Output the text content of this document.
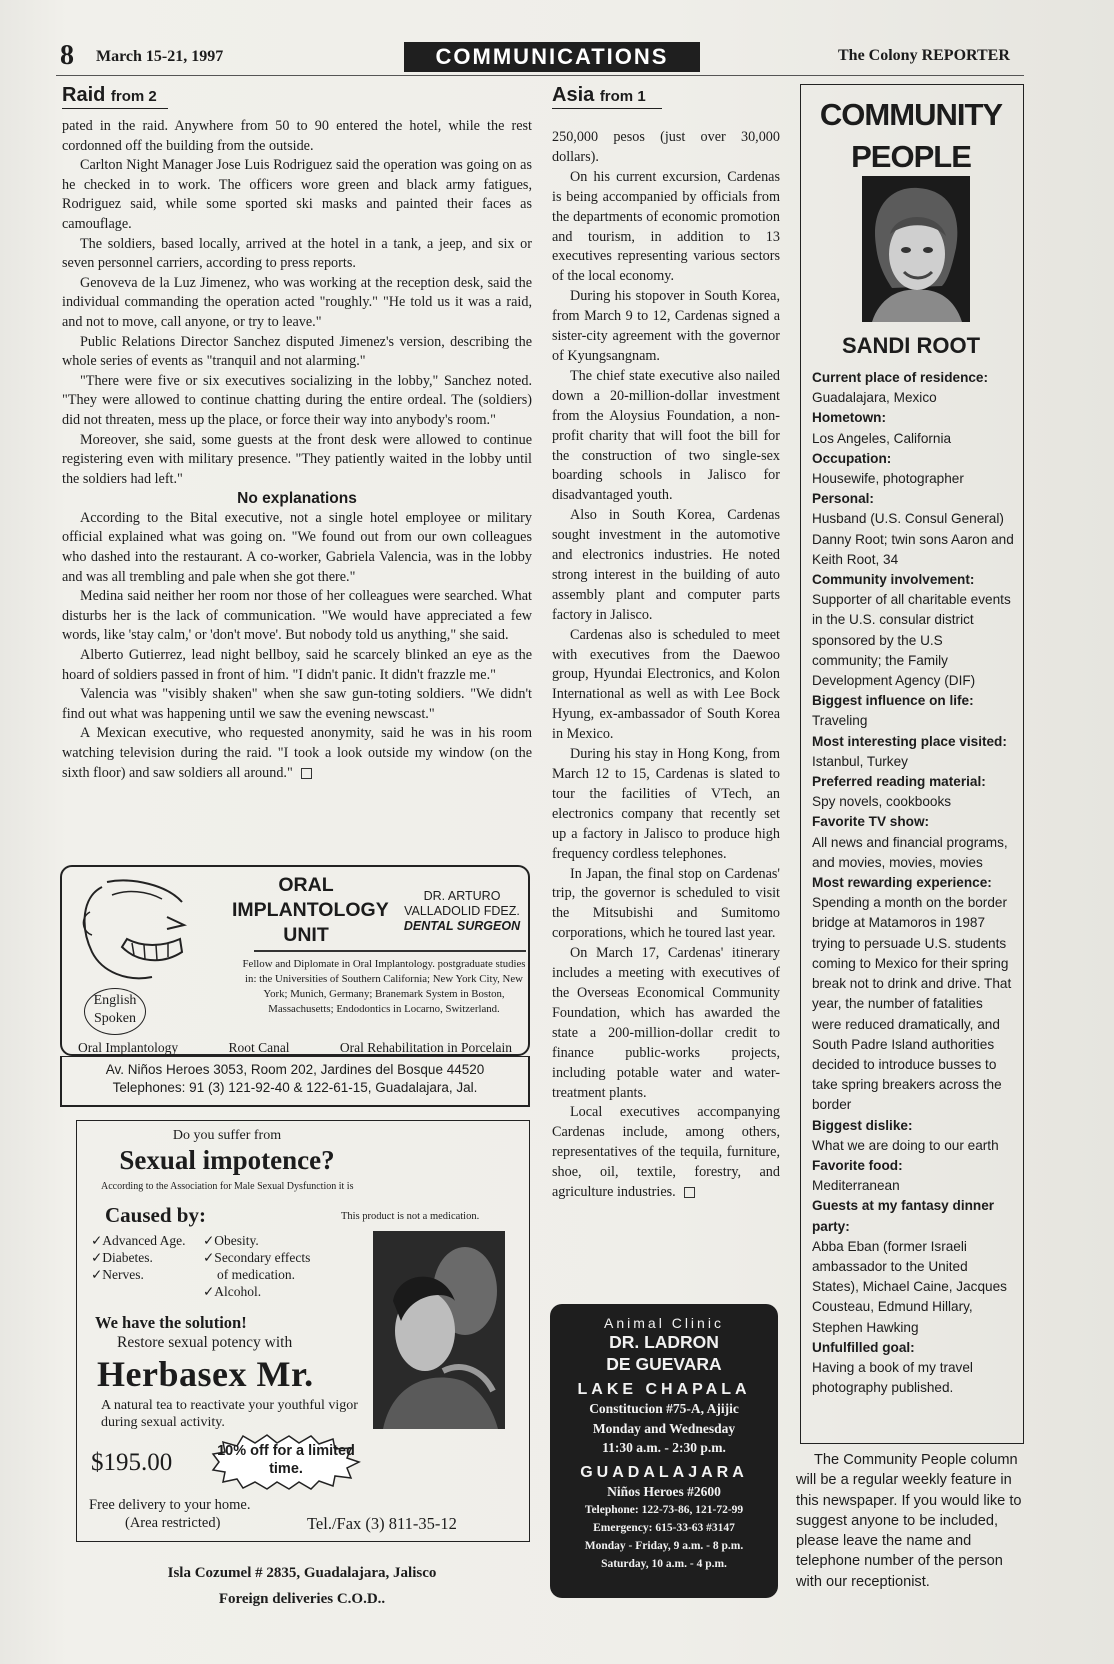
8 March 15-21, 1997	COMMUNICATIONS	The Colony REPORTER
Raid from 2

pated in the raid. Anywhere from 50 to 90 entered the hotel, while the rest cordonned off the building from the outside.

Carlton Night Manager Jose Luis Rodriguez said the operation was going on as he checked in to work. The officers wore green and black army fatigues, Rodriguez said, while some sported ski masks and painted their faces as camouflage.

The soldiers, based locally, arrived at the hotel in a tank, a jeep, and six or seven personnel carriers, according to press reports.

Genoveva de la Luz Jimenez, who was working at the reception desk, said the individual commanding the operation acted "roughly." "He told us it was a raid, and not to move, call anyone, or try to leave."

Public Relations Director Sanchez disputed Jimenez's version, describing the whole series of events as "tranquil and not alarming."

"There were five or six executives socializing in the lobby," Sanchez noted. "They were allowed to continue chatting during the entire ordeal. The (soldiers) did not threaten, mess up the place, or force their way into anybody's room."

Moreover, she said, some guests at the front desk were allowed to continue registering even with military presence. "They patiently waited in the lobby until the soldiers had left."

No explanations

According to the Bital executive, not a single hotel employee or military official explained what was going on. "We found out from our own colleagues who dashed into the restaurant. A co-worker, Gabriela Valencia, was in the lobby and was all trembling and pale when she got there."

Medina said neither her room nor those of her colleagues were searched. What disturbs her is the lack of communication. "We would have appreciated a few words, like 'stay calm,' or 'don't move'. But nobody told us anything," she said.

Alberto Gutierrez, lead night bellboy, said he scarcely blinked an eye as the hoard of soldiers passed in front of him. "I didn't panic. It didn't frazzle me."

Valencia was "visibly shaken" when she saw gun-toting soldiers. "We didn't find out what was happening until we saw the evening newscast."

A Mexican executive, who requested anonymity, said he was in his room watching television during the raid. "I took a look outside my window (on the sixth floor) and saw soldiers all around."

Asia from 1

250,000 pesos (just over 30,000 dollars).

On his current excursion, Cardenas is being accompanied by officials from the departments of economic promotion and tourism, in addition to 13 executives representing various sectors of the local economy.

During his stopover in South Korea, from March 9 to 12, Cardenas signed a sister-city agreement with the governor of Kyungsangnam.

The chief state executive also nailed down a 20-million-dollar investment from the Aloysius Foundation, a non-profit charity that will foot the bill for the construction of two single-sex boarding schools in Jalisco for disadvantaged youth.

Also in South Korea, Cardenas sought investment in the automotive and electronics industries. He noted strong interest in the building of auto assembly plant and computer parts factory in Jalisco.

Cardenas also is scheduled to meet with executives from the Daewoo group, Hyundai Electronics, and Kolon International as well as with Lee Bock Hyung, ex-ambassador of South Korea in Mexico.

During his stay in Hong Kong, from March 12 to 15, Cardenas is slated to tour the facilities of VTech, an electronics company that recently set up a factory in Jalisco to produce high frequency cordless telephones.

In Japan, the final stop on Cardenas' trip, the governor is scheduled to visit the Mitsubishi and Sumitomo corporations, which he toured last year.

On March 17, Cardenas' itinerary includes a meeting with executives of the Overseas Economical Community Foundation, which has awarded the state a 200-million-dollar credit to finance public-works projects, including potable water and water-treatment plants.

Local executives accompanying Cardenas include, among others, representatives of the tequila, furniture, shoe, oil, textile, forestry, and agriculture industries.

ORAL IMPLANTOLOGY UNIT
DR. ARTURO VALLADOLID FDEZ.
DENTAL SURGEON
Fellow and Diplomate in Oral Implantology. postgraduate studies in: the Universities of Southern California; New York City, New York; Munich, Germany; Branemark System in Boston, Massachusetts; Endodontics in Locarno, Switzerland.
English Spoken
Oral Implantology	Root Canal	Oral Rehabilitation in Porcelain
Av. Niños Heroes 3053, Room 202, Jardines del Bosque 44520
Telephones: 91 (3) 121-92-40 & 122-61-15, Guadalajara, Jal.
Do you suffer from
Sexual impotence?
According to the Association for Male Sexual Dysfunction it is
Caused by:	This product is not a medication.
✓Advanced Age.
✓Diabetes.
✓Nerves.
✓Obesity.
✓Secondary effects
of medication.
✓Alcohol.
We have the solution!
Restore sexual potency with
Herbasex Mr.
A natural tea to reactivate your youthful vigor during sexual activity.
$195.00	10% off for a limited time.
Free delivery to your home.
(Area restricted)	Tel./Fax (3) 811-35-12
Isla Cozumel # 2835, Guadalajara, Jalisco
Foreign deliveries C.O.D..
Animal Clinic
DR. LADRON
DE GUEVARA
LAKE CHAPALA
Constitucion #75-A, Ajijic
Monday and Wednesday
11:30 a.m. - 2:30 p.m.
GUADALAJARA
Niños Heroes #2600
Telephone: 122-73-86, 121-72-99
Emergency: 615-33-63 #3147
Monday - Friday, 9 a.m. - 8 p.m.
Saturday, 10 a.m. - 4 p.m.
COMMUNITY
PEOPLE
SANDI ROOT
Current place of residence:
Guadalajara, Mexico
Hometown:
Los Angeles, California
Occupation:
Housewife, photographer
Personal:
Husband (U.S. Consul General) Danny Root; twin sons Aaron and Keith Root, 34
Community involvement:
Supporter of all charitable events in the U.S. consular district sponsored by the U.S community; the Family Development Agency (DIF)
Biggest influence on life:
Traveling
Most interesting place visited:
Istanbul, Turkey
Preferred reading material:
Spy novels, cookbooks
Favorite TV show:
All news and financial programs, and movies, movies, movies
Most rewarding experience:
Spending a month on the border bridge at Matamoros in 1987 trying to persuade U.S. students coming to Mexico for their spring break not to drink and drive. That year, the number of fatalities were reduced dramatically, and South Padre Island authorities decided to introduce busses to take spring breakers across the border
Biggest dislike:
What we are doing to our earth
Favorite food:
Mediterranean
Guests at my fantasy dinner party:
Abba Eban (former Israeli ambassador to the United States), Michael Caine, Jacques Cousteau, Edmund Hillary, Stephen Hawking
Unfulfilled goal:
Having a book of my travel photography published.
The Community People column will be a regular weekly feature in this newspaper. If you would like to suggest anyone to be included, please leave the name and telephone number of the person with our receptionist.
